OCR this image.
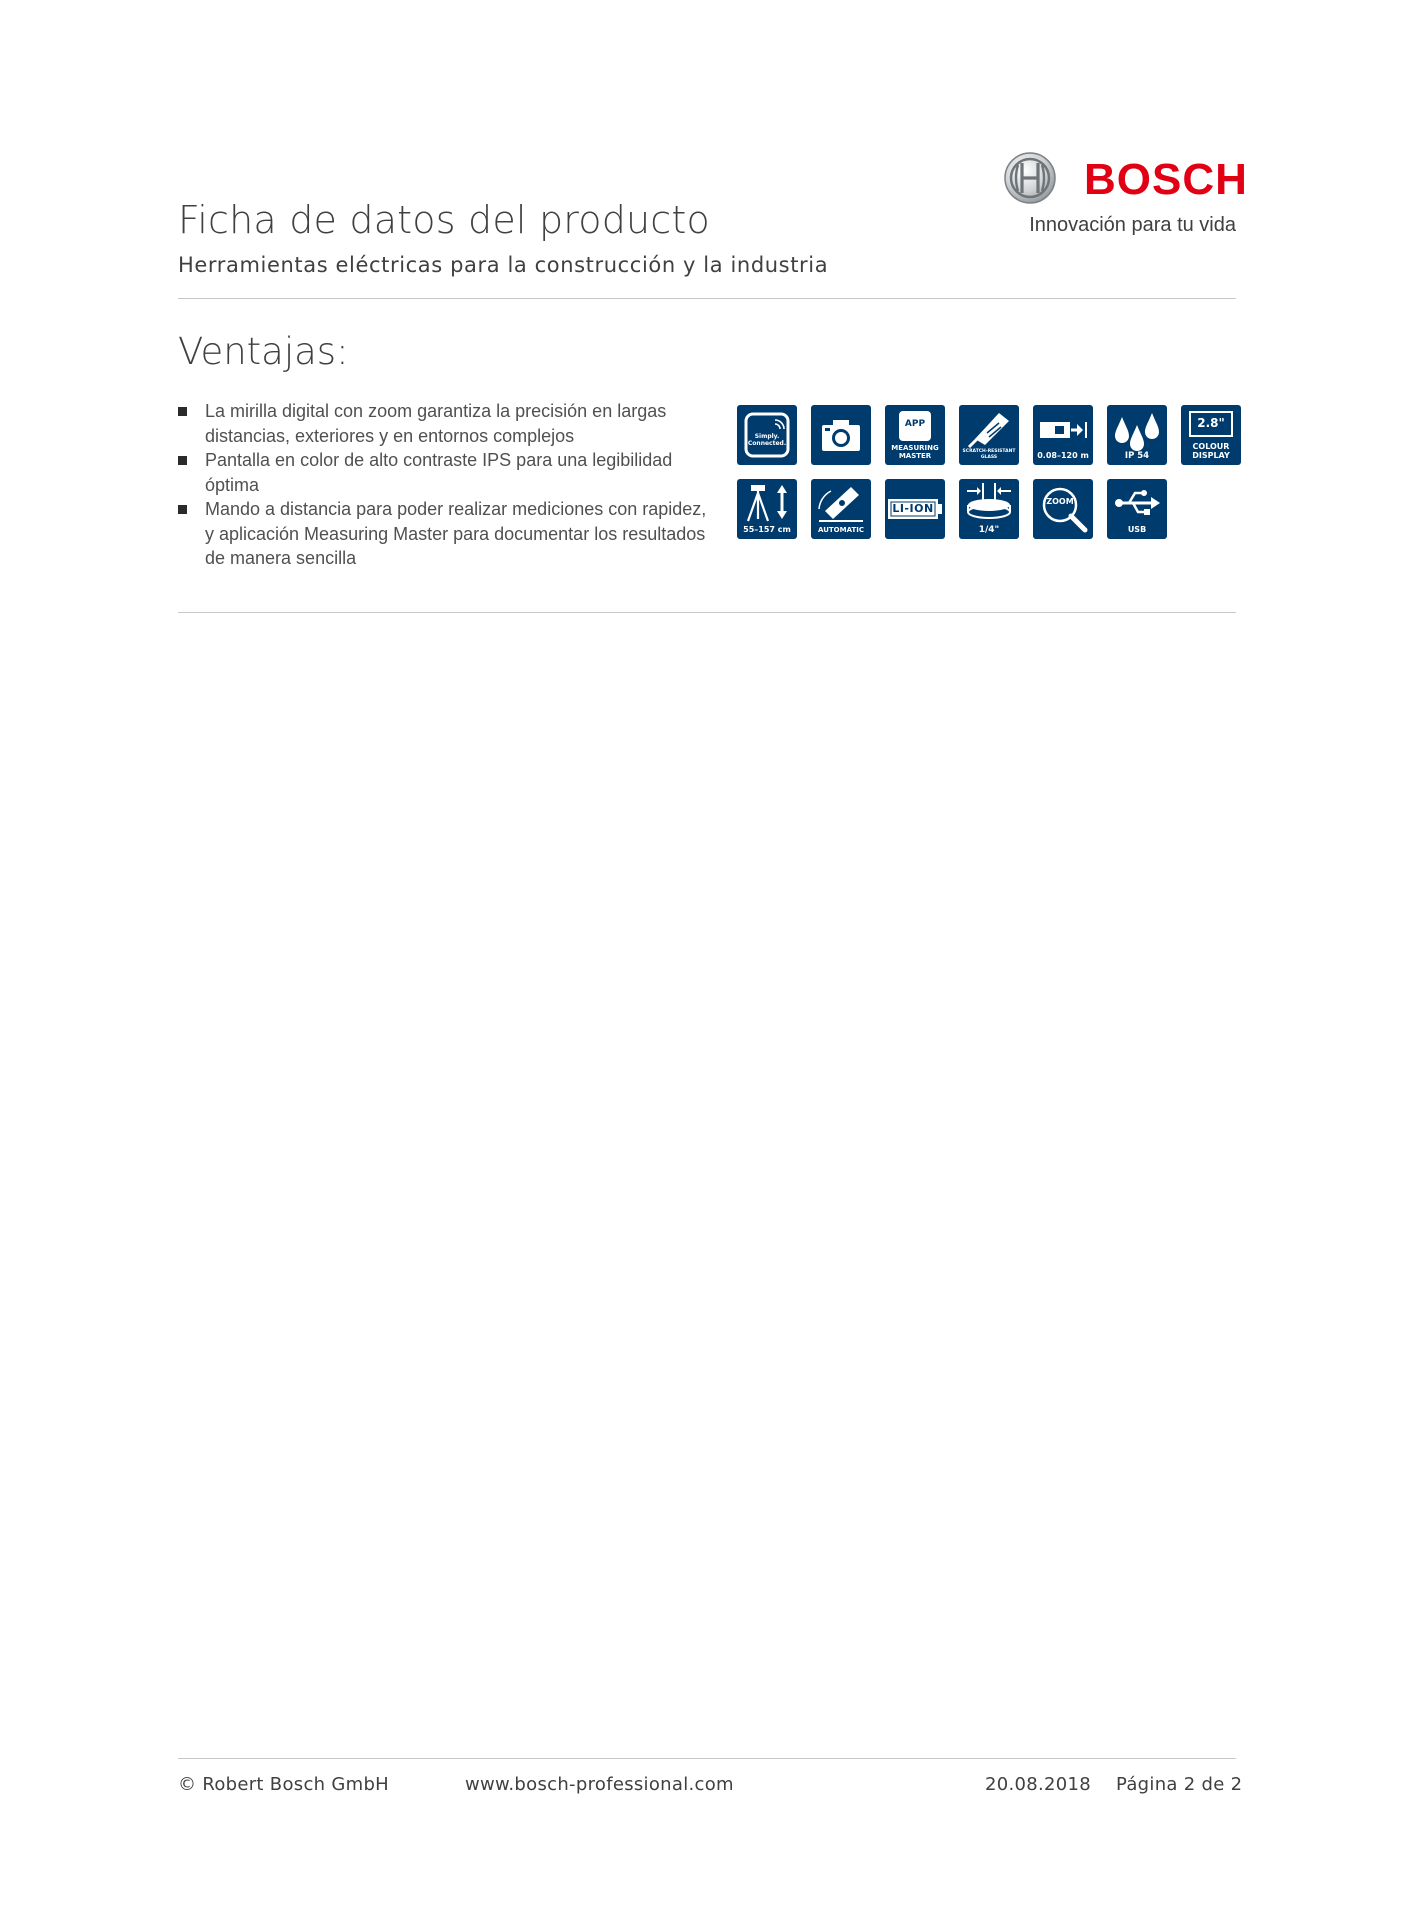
Ficha de datos del producto
Herramientas eléctricas para la construcción y la industria
BOSCH
Innovación para tu vida
Ventajas:
La mirilla digital con zoom garantiza la precisión en largas distancias, exteriores y en entornos complejos
Pantalla en color de alto contraste IPS para una legibilidad óptima
Mando a distancia para poder realizar mediciones con rapidez, y aplicación Measuring Master para documentar los resultados de manera sencilla
Simply.
Connected.
APP
MEASURING
MASTER
SCRATCH-RESISTANT
GLASS	0.08–120 m	IP 54
2.8"
COLOUR
DISPLAY
55–157 cm	AUTOMATIC
LI-ION
1/4"
ZOOM
USB
© Robert Bosch GmbH	www.bosch-professional.com	20.08.2018 Página 2 de 2
